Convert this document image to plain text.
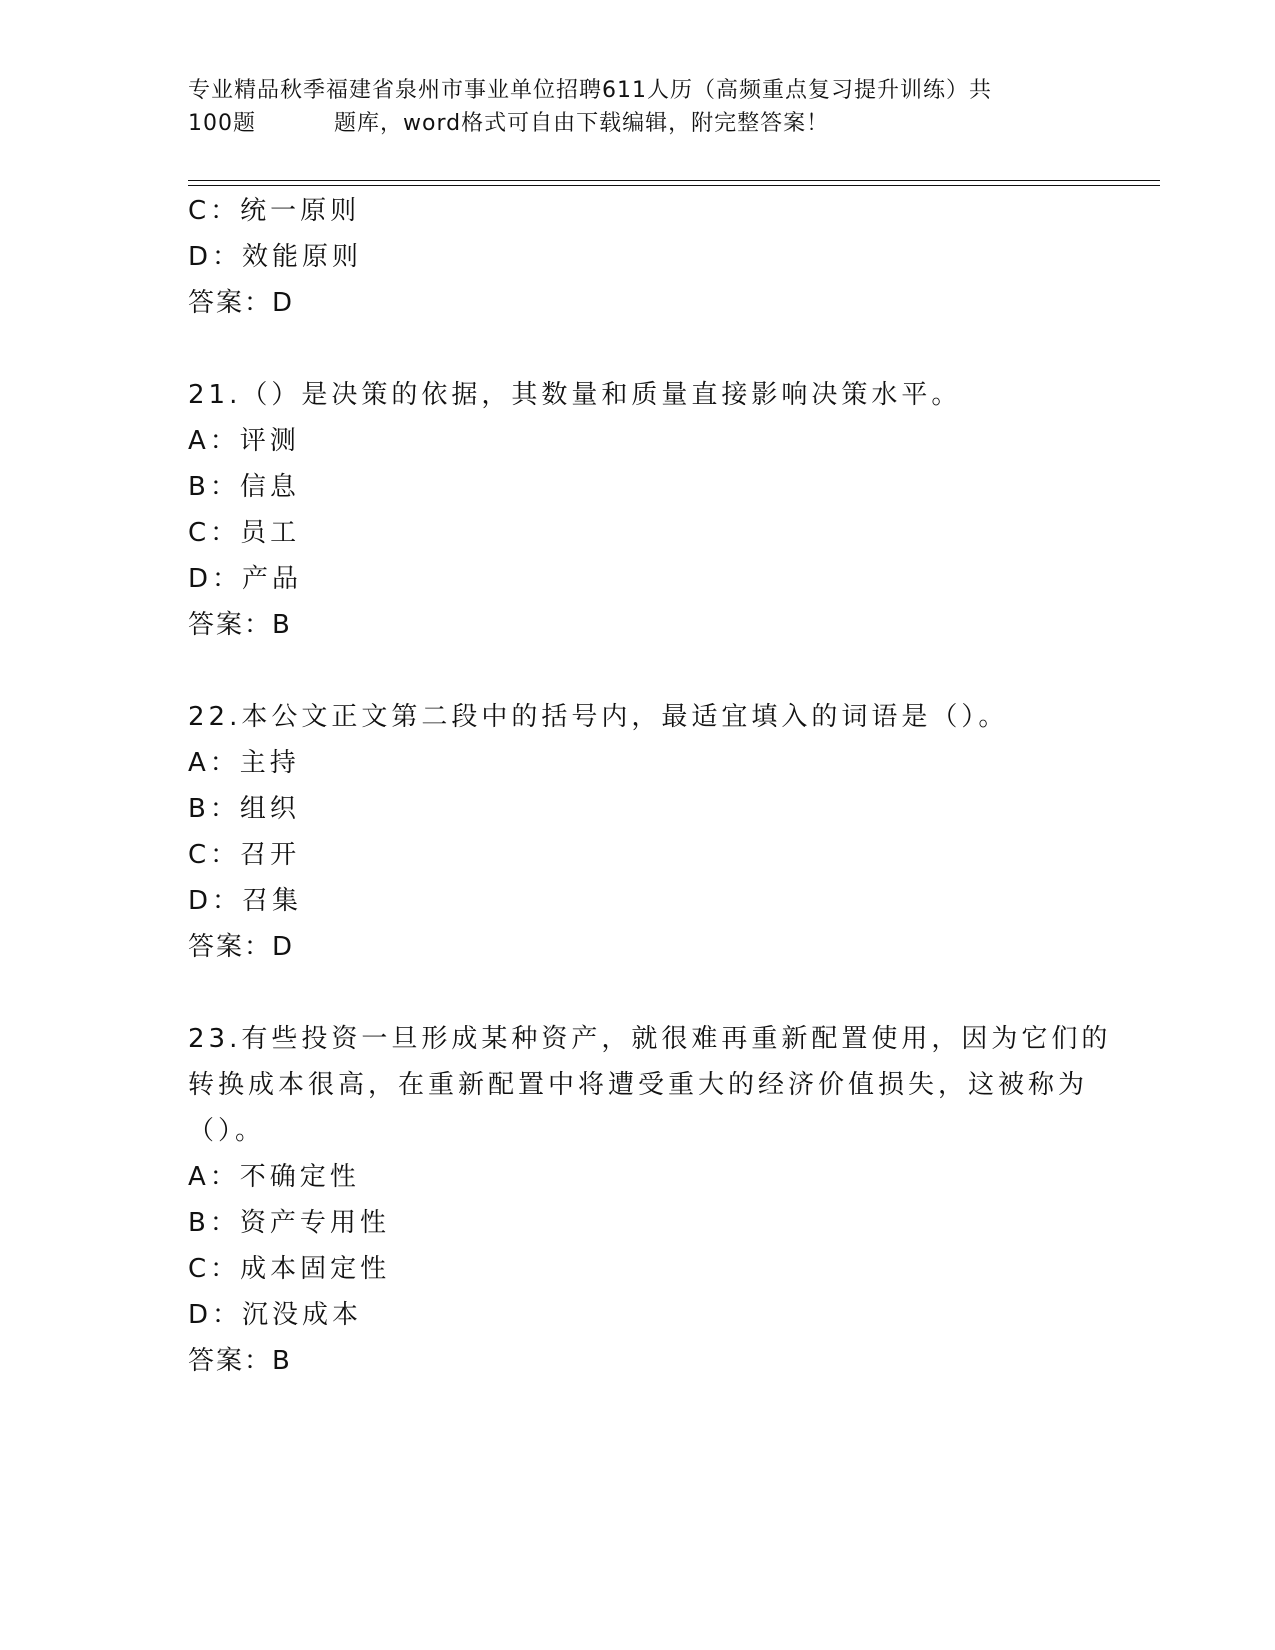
专业精品秋季福建省泉州市事业单位招聘611人历（高频重点复习提升训练）共
100题	题库，word格式可自由下载编辑，附完整答案！
C：统一原则
D：效能原则
答案：D
21.（）是决策的依据，其数量和质量直接影响决策水平。
A：评测
B：信息
C：员工
D：产品
答案：B
22.本公文正文第二段中的括号内，最适宜填入的词语是（）。
A：主持
B：组织
C：召开
D：召集
答案：D
23.有些投资一旦形成某种资产，就很难再重新配置使用，因为它们的
转换成本很高，在重新配置中将遭受重大的经济价值损失，这被称为
（）。
A：不确定性
B：资产专用性
C：成本固定性
D：沉没成本
答案：B
